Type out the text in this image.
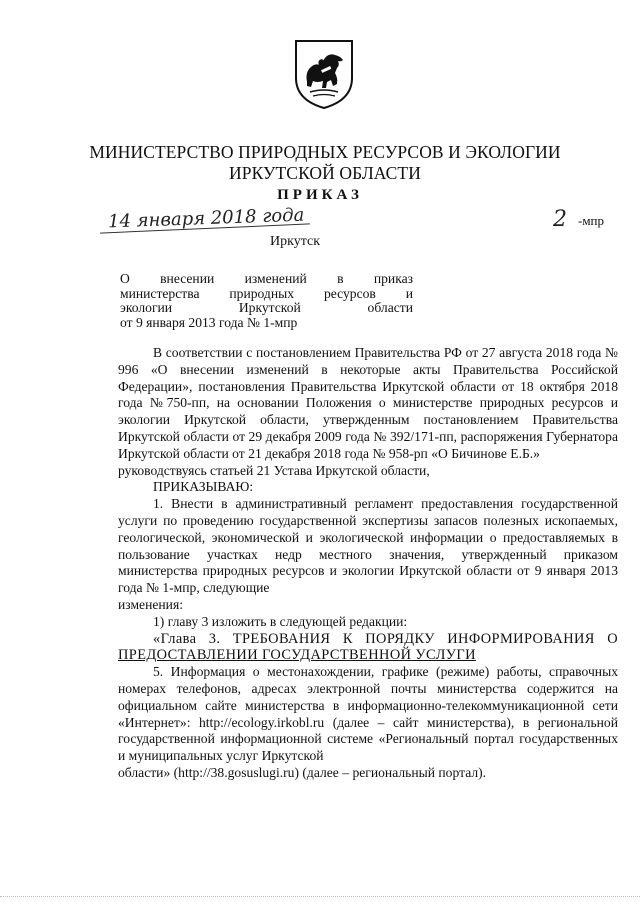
МИНИСТЕРСТВО ПРИРОДНЫХ РЕСУРСОВ И ЭКОЛОГИИ
ИРКУТСКОЙ ОБЛАСТИ
ПРИКАЗ
14 января 2018 года	2 -мпр
Иркутск
О внесении изменений в приказ
министерства природных ресурсов и
экологии Иркутской области
от 9 января 2013 года № 1-мпр

В соответствии с постановлением Правительства РФ от 27 августа 2018 года № 996 «О внесении изменений в некоторые акты Правительства Российской Федерации», постановления Правительства Иркутской области от 18 октября 2018 года №750-пп, на основании Положения о министерстве природных ресурсов и экологии Иркутской области, утвержденным постановлением Правительства Иркутской области от 29 декабря 2009 года № 392/171-пп, распоряжения Губернатора Иркутской области от 21 декабря 2018 года № 958-рп «О Бичинове Е.Б.»

руководствуясь статьей 21 Устава Иркутской области,

ПРИКАЗЫВАЮ:

1. Внести в административный регламент предоставления государственной услуги по проведению государственной экспертизы запасов полезных ископаемых, геологической, экономической и экологической информации о предоставляемых в пользование участках недр местного значения, утвержденный приказом министерства природных ресурсов и экологии Иркутской области от 9 января 2013 года № 1-мпр, следующие

изменения:

1) главу 3 изложить в следующей редакции:

«Глава 3. ТРЕБОВАНИЯ К ПОРЯДКУ ИНФОРМИРОВАНИЯ О

ПРЕДОСТАВЛЕНИИ ГОСУДАРСТВЕННОЙ УСЛУГИ

5. Информация о местонахождении, графике (режиме) работы, справочных номерах телефонов, адресах электронной почты министерства содержится на официальном сайте министерства в информационно-телекоммуникационной сети «Интернет»: http://ecology.irkobl.ru (далее – сайт министерства), в региональной государственной информационной системе «Региональный портал государственных и муниципальных услуг Иркутской

области» (http://38.gosuslugi.ru) (далее – региональный портал).
